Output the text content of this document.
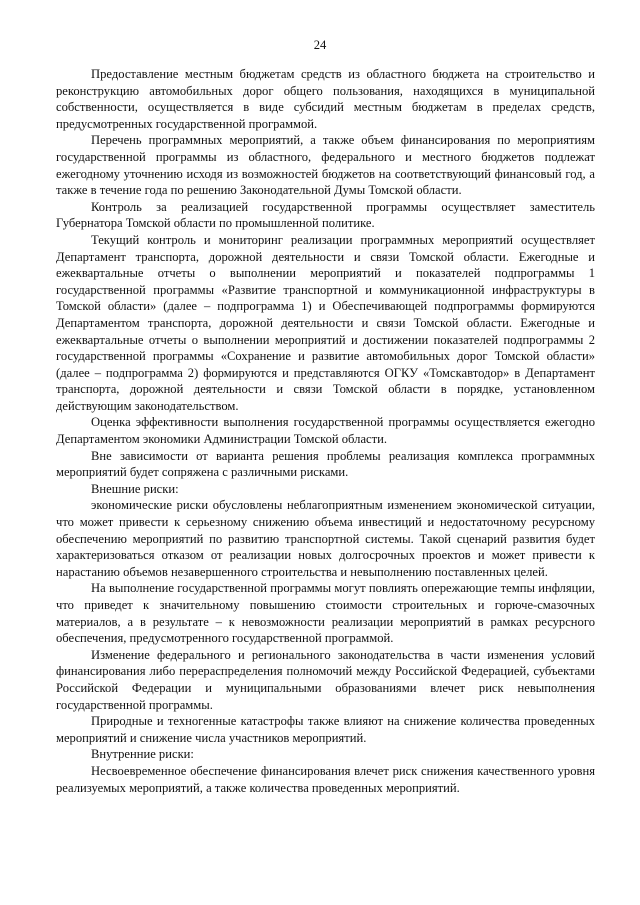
24

Предоставление местным бюджетам средств из областного бюджета на строительство и реконструкцию автомобильных дорог общего пользования, находящихся в муниципальной собственности, осуществляется в виде субсидий местным бюджетам в пределах средств, предусмотренных государственной программой.

Перечень программных мероприятий, а также объем финансирования по мероприятиям государственной программы из областного, федерального и местного бюджетов подлежат ежегодному уточнению исходя из возможностей бюджетов на соответствующий финансовый год, а также в течение года по решению Законодательной Думы Томской области.

Контроль за реализацией государственной программы осуществляет заместитель Губернатора Томской области по промышленной политике.

Текущий контроль и мониторинг реализации программных мероприятий осуществляет Департамент транспорта, дорожной деятельности и связи Томской области. Ежегодные и ежеквартальные отчеты о выполнении мероприятий и показателей подпрограммы 1 государственной программы «Развитие транспортной и коммуникационной инфраструктуры в Томской области» (далее – подпрограмма 1) и Обеспечивающей подпрограммы формируются Департаментом транспорта, дорожной деятельности и связи Томской области. Ежегодные и ежеквартальные отчеты о выполнении мероприятий и достижении показателей подпрограммы 2 государственной программы «Сохранение и развитие автомобильных дорог Томской области» (далее – подпрограмма 2) формируются и представляются ОГКУ «Томскавтодор» в Департамент транспорта, дорожной деятельности и связи Томской области в порядке, установленном действующим законодательством.

Оценка эффективности выполнения государственной программы осуществляется ежегодно Департаментом экономики Администрации Томской области.

Вне зависимости от варианта решения проблемы реализация комплекса программных мероприятий будет сопряжена с различными рисками.

Внешние риски:

экономические риски обусловлены неблагоприятным изменением экономической ситуации, что может привести к серьезному снижению объема инвестиций и недостаточному ресурсному обеспечению мероприятий по развитию транспортной системы. Такой сценарий развития будет характеризоваться отказом от реализации новых долгосрочных проектов и может привести к нарастанию объемов незавершенного строительства и невыполнению поставленных целей.

На выполнение государственной программы могут повлиять опережающие темпы инфляции, что приведет к значительному повышению стоимости строительных и горюче-смазочных материалов, а в результате – к невозможности реализации мероприятий в рамках ресурсного обеспечения, предусмотренного государственной программой.

Изменение федерального и регионального законодательства в части изменения условий финансирования либо перераспределения полномочий между Российской Федерацией, субъектами Российской Федерации и муниципальными образованиями влечет риск невыполнения государственной программы.

Природные и техногенные катастрофы также влияют на снижение количества проведенных мероприятий и снижение числа участников мероприятий.

Внутренние риски:

Несвоевременное обеспечение финансирования влечет риск снижения качественного уровня реализуемых мероприятий, а также количества проведенных мероприятий.
